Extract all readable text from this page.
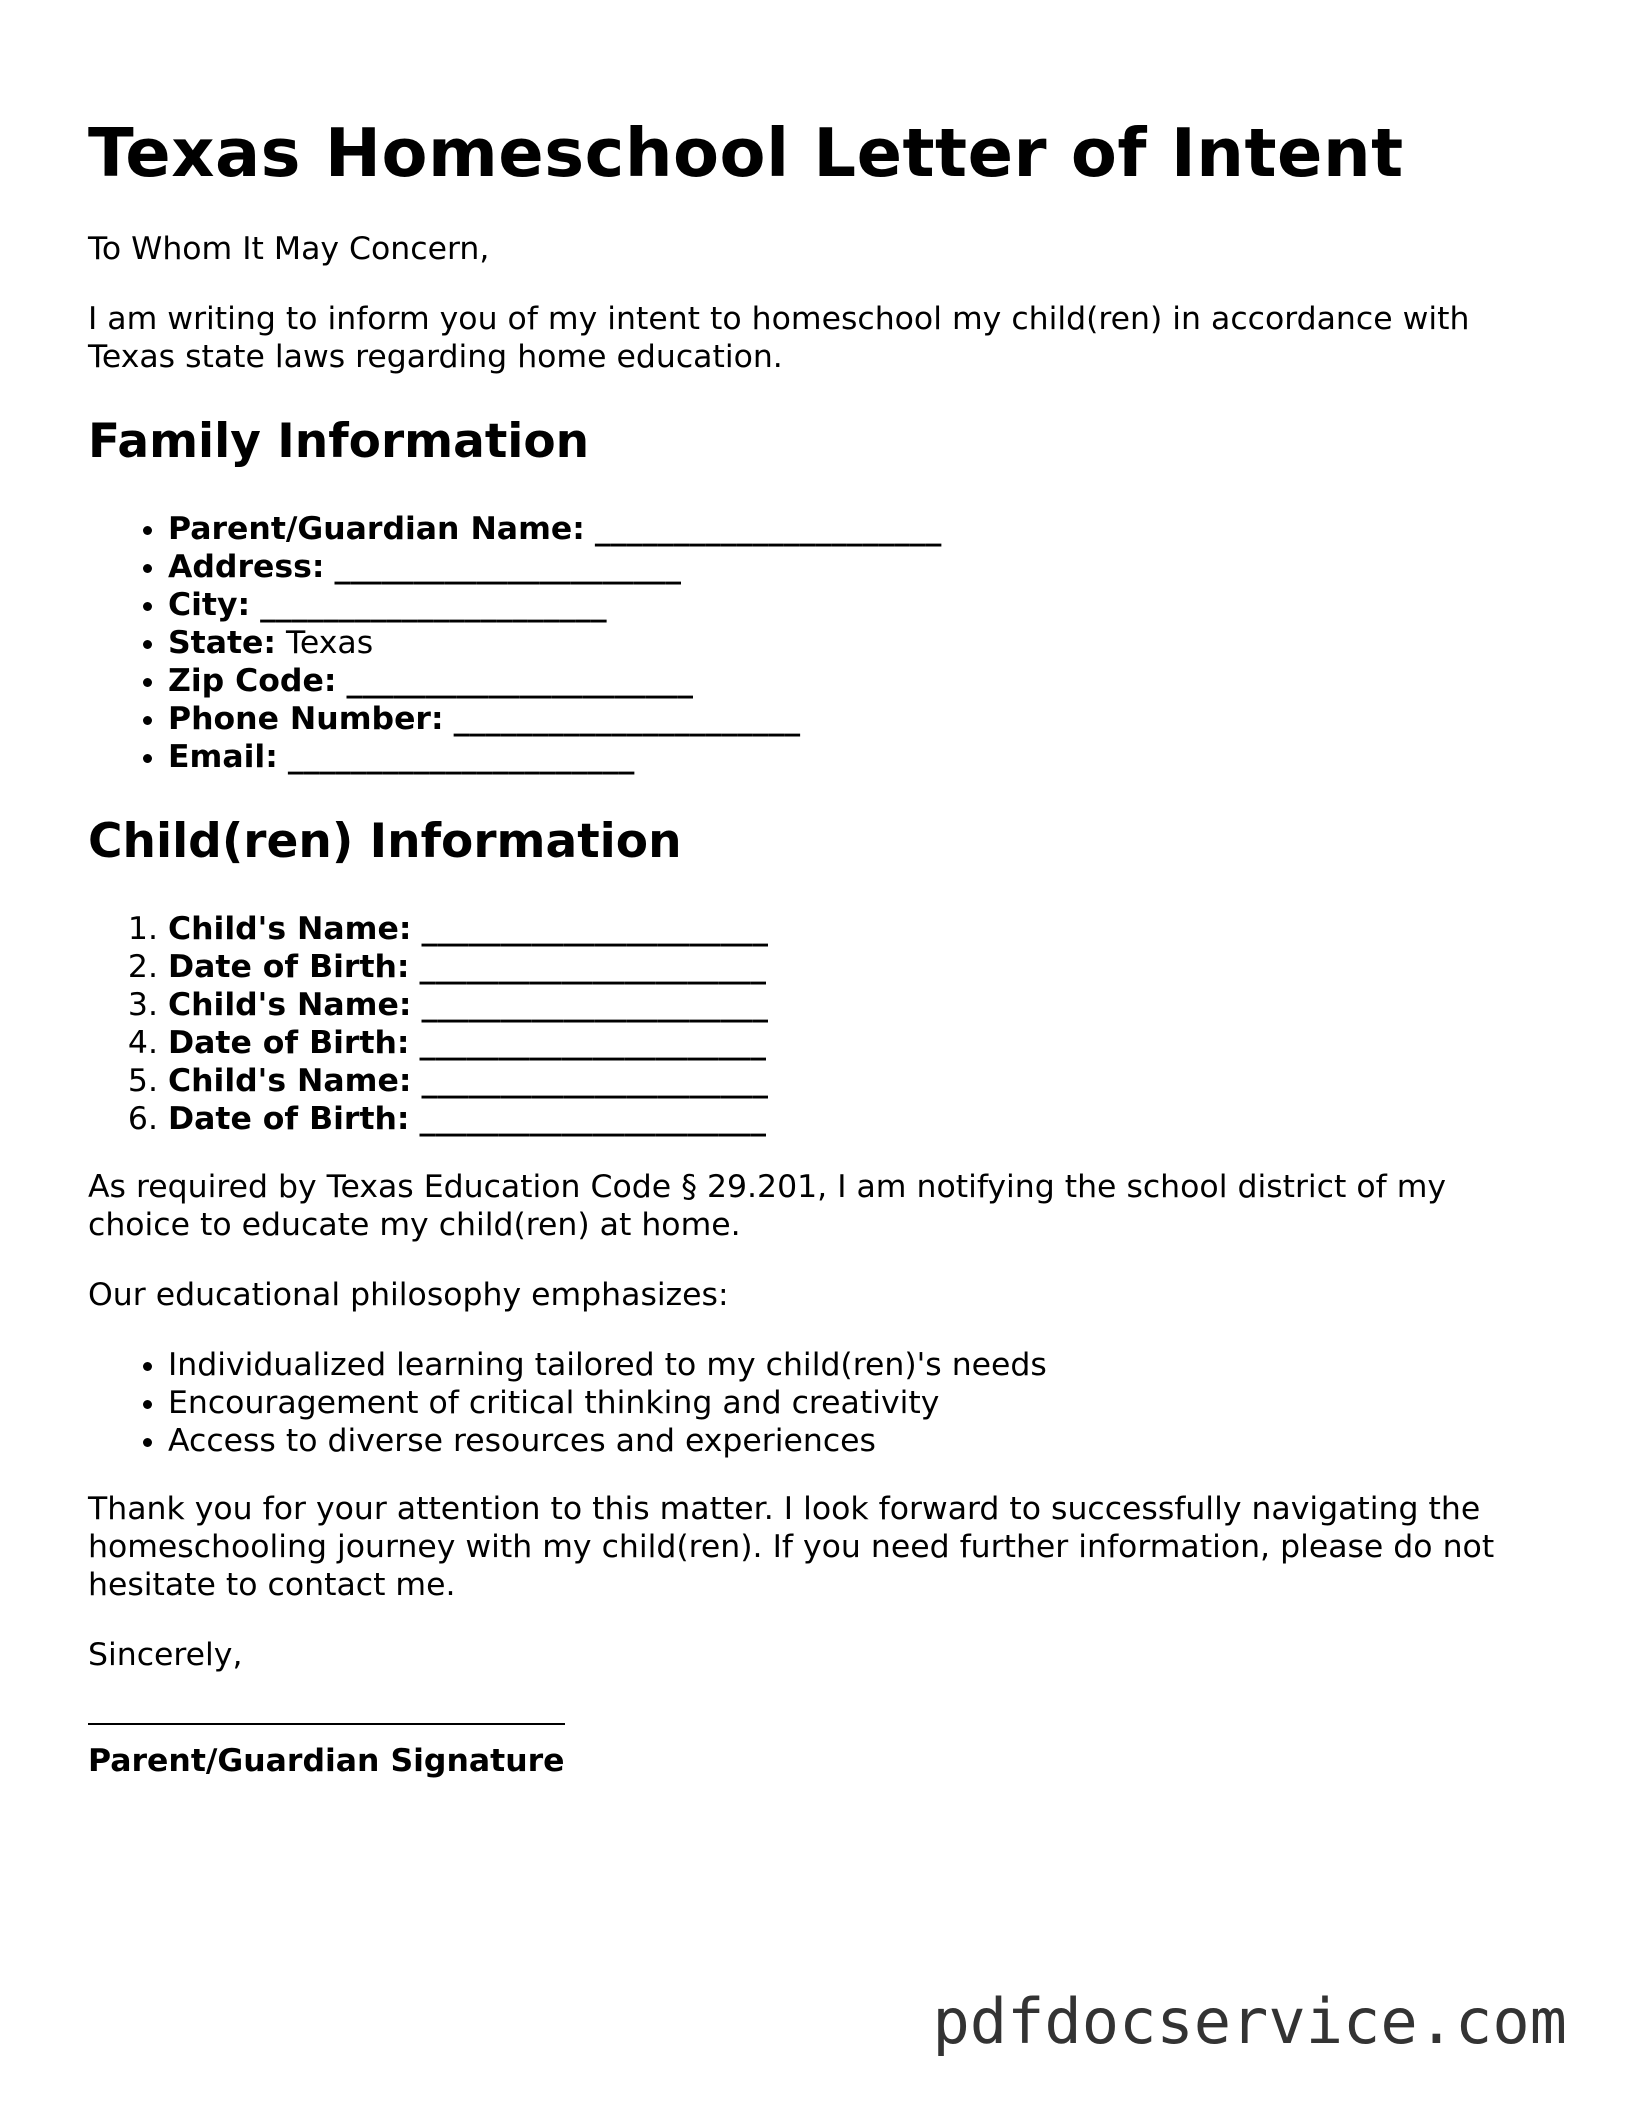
Texas Homeschool Letter of Intent

To Whom It May Concern,

I am writing to inform you of my intent to homeschool my child(ren) in accordance with Texas state laws regarding home education.

Family Information
• Parent/Guardian Name: ______________________
• Address: ______________________
• City: ______________________
• State: Texas
• Zip Code: ______________________
• Phone Number: ______________________
• Email: ______________________
Child(ren) Information
1. Child's Name: ______________________
2. Date of Birth: ______________________
3. Child's Name: ______________________
4. Date of Birth: ______________________
5. Child's Name: ______________________
6. Date of Birth: ______________________

As required by Texas Education Code § 29.201, I am notifying the school district of my choice to educate my child(ren) at home.

Our educational philosophy emphasizes:

• Individualized learning tailored to my child(ren)'s needs
• Encouragement of critical thinking and creativity
• Access to diverse resources and experiences

Thank you for your attention to this matter. I look forward to successfully navigating the homeschooling journey with my child(ren). If you need further information, please do not hesitate to contact me.

Sincerely,

Parent/Guardian Signature

pdfdocservice.com
